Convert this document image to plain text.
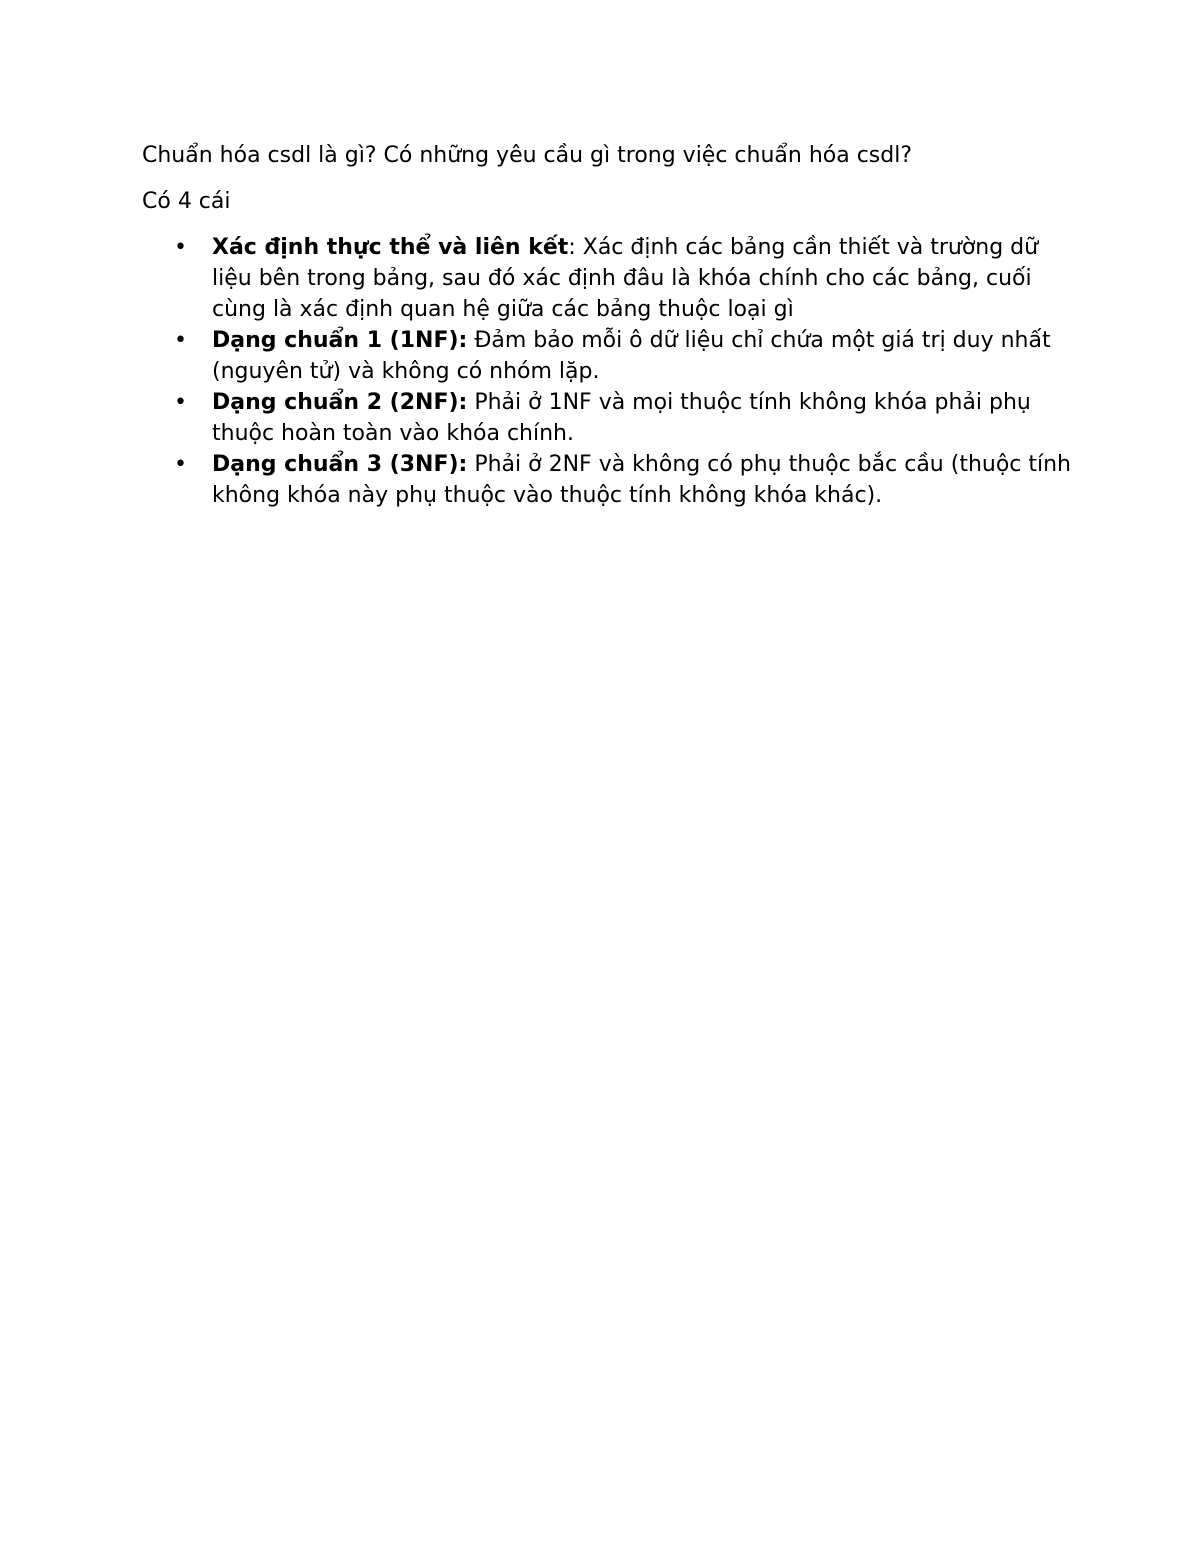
Chuẩn hóa csdl là gì? Có những yêu cầu gì trong việc chuẩn hóa csdl?

Có 4 cái

• Xác định thực thể và liên kết: Xác định các bảng cần thiết và trường dữ liệu bên trong bảng, sau đó xác định đâu là khóa chính cho các bảng, cuối cùng là xác định quan hệ giữa các bảng thuộc loại gì
• Dạng chuẩn 1 (1NF): Đảm bảo mỗi ô dữ liệu chỉ chứa một giá trị duy nhất (nguyên tử) và không có nhóm lặp.
• Dạng chuẩn 2 (2NF): Phải ở 1NF và mọi thuộc tính không khóa phải phụ thuộc hoàn toàn vào khóa chính.
• Dạng chuẩn 3 (3NF): Phải ở 2NF và không có phụ thuộc bắc cầu (thuộc tính không khóa này phụ thuộc vào thuộc tính không khóa khác).
